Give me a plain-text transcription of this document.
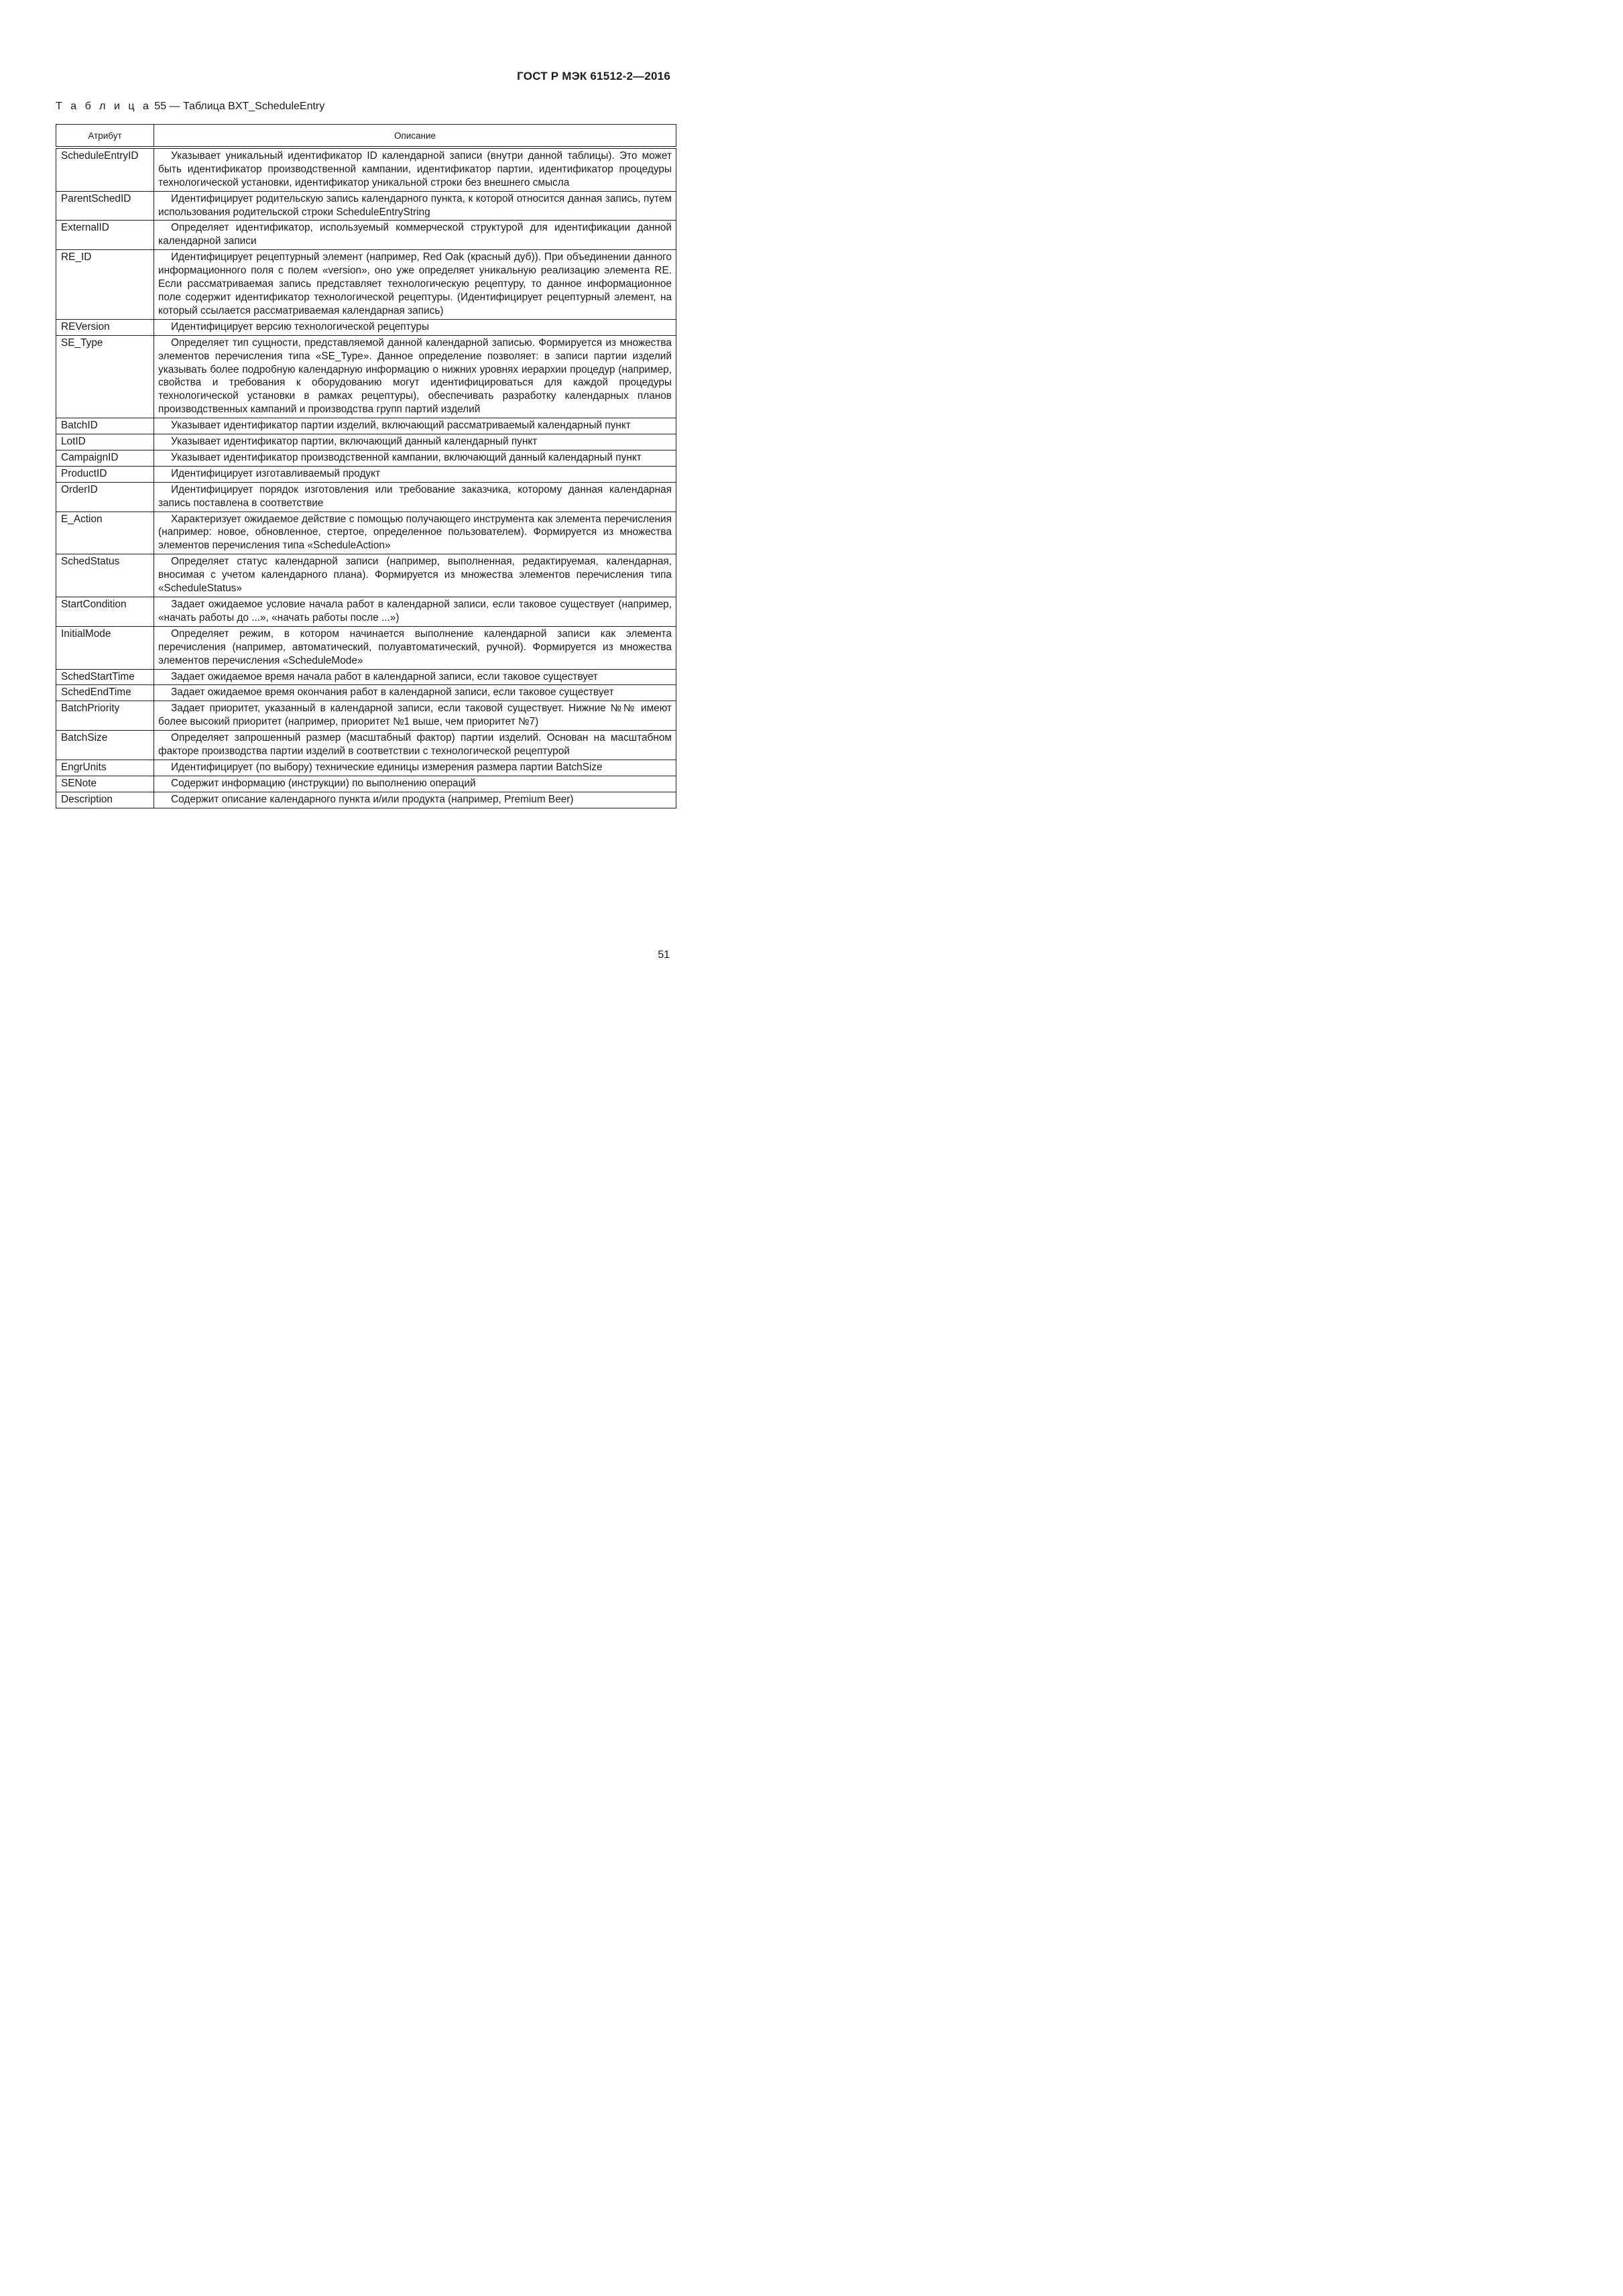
ГОСТ Р МЭК 61512-2—2016
Т а б л и ц а 55 — Таблица BXT_ScheduleEntry
Атрибут	Описание
ScheduleEntryID	Указывает уникальный идентификатор ID календарной записи (внутри данной таблицы). Это может быть идентификатор производственной кампании, идентификатор партии, идентификатор процедуры технологической установки, идентификатор уникальной строки без внешнего смысла
ParentSchedID	Идентифицирует родительскую запись календарного пункта, к которой относится данная запись, путем использования родительской строки ScheduleEntryString
ExternalID	Определяет идентификатор, используемый коммерческой структурой для идентификации данной календарной записи
RE_ID	Идентифицирует рецептурный элемент (например, Red Oak (красный дуб)). При объединении данного информационного поля с полем «version», оно уже определяет уникальную реализацию элемента RE. Если рассматриваемая запись представляет технологическую рецептуру, то данное информационное поле содержит идентификатор технологической рецептуры. (Идентифицирует рецептурный элемент, на который ссылается рассматриваемая календарная запись)
REVersion	Идентифицирует версию технологической рецептуры
SE_Type	Определяет тип сущности, представляемой данной календарной записью. Формируется из множества элементов перечисления типа «SE_Type». Данное определение позволяет: в записи партии изделий указывать более подробную календарную информацию о нижних уровнях иерархии процедур (например, свойства и требования к оборудованию могут идентифицироваться для каждой процедуры технологической установки в рамках рецептуры), обеспечивать разработку календарных планов производственных кампаний и производства групп партий изделий
BatchID	Указывает идентификатор партии изделий, включающий рассматриваемый календарный пункт
LotID	Указывает идентификатор партии, включающий данный календарный пункт
CampaignID	Указывает идентификатор производственной кампании, включающий данный календарный пункт
ProductID	Идентифицирует изготавливаемый продукт
OrderID	Идентифицирует порядок изготовления или требование заказчика, которому данная календарная запись поставлена в соответствие
E_Action	Характеризует ожидаемое действие с помощью получающего инструмента как элемента перечисления (например: новое, обновленное, стертое, определенное пользователем). Формируется из множества элементов перечисления типа «ScheduleAction»
SchedStatus	Определяет статус календарной записи (например, выполненная, редактируемая, календарная, вносимая с учетом календарного плана). Формируется из множества элементов перечисления типа «ScheduleStatus»
StartCondition	Задает ожидаемое условие начала работ в календарной записи, если таковое существует (например, «начать работы до ...», «начать работы после ...»)
InitialMode	Определяет режим, в котором начинается выполнение календарной записи как элемента перечисления (например, автоматический, полуавтоматический, ручной). Формируется из множества элементов перечисления «ScheduleMode»
SchedStartTime	Задает ожидаемое время начала работ в календарной записи, если таковое существует
SchedEndTime	Задает ожидаемое время окончания работ в календарной записи, если таковое существует
BatchPriority	Задает приоритет, указанный в календарной записи, если таковой существует. Нижние №№ имеют более высокий приоритет (например, приоритет №1 выше, чем приоритет №7)
BatchSize	Определяет запрошенный размер (масштабный фактор) партии изделий. Основан на масштабном факторе производства партии изделий в соответствии с технологической рецептурой
EngrUnits	Идентифицирует (по выбору) технические единицы измерения размера партии BatchSize
SENote	Содержит информацию (инструкции) по выполнению операций
Description	Содержит описание календарного пункта и/или продукта (например, Premium Beer)
51
